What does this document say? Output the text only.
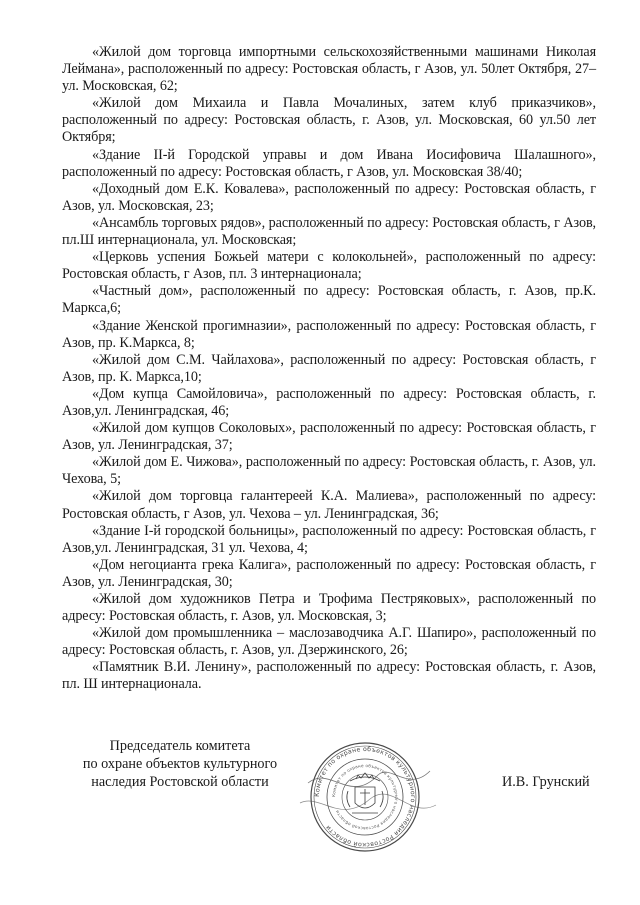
«Жилой дом торговца импортными сельскохозяйственными машинами Николая Леймана», расположенный по адресу: Ростовская область, г Азов, ул. 50лет Октября, 27– ул. Московская, 62;

«Жилой дом Михаила и Павла Мочалиных, затем клуб приказчиков», расположенный по адресу: Ростовская область, г. Азов, ул. Московская, 60 ул.50 лет Октября;

«Здание II-й Городской управы и дом Ивана Иосифовича Шалашного», расположенный по адресу: Ростовская область, г Азов, ул. Московская 38/40;

«Доходный дом Е.К. Ковалева», расположенный по адресу: Ростовская область, г Азов, ул. Московская, 23;

«Ансамбль торговых рядов», расположенный по адресу: Ростовская область, г Азов, пл.Ш интернационала, ул. Московская;

«Церковь успения Божьей матери с колокольней», расположенный по адресу: Ростовская область, г Азов, пл. 3 интернационала;

«Частный дом», расположенный по адресу: Ростовская область, г. Азов, пр.К. Маркса,6;

«Здание Женской прогимназии», расположенный по адресу: Ростовская область, г Азов, пр. К.Маркса, 8;

«Жилой дом С.М. Чайлахова», расположенный по адресу: Ростовская область, г Азов, пр. К. Маркса,10;

«Дом купца Самойловича», расположенный по адресу: Ростовская область, г. Азов,ул. Ленинградская, 46;

«Жилой дом купцов Соколовых», расположенный по адресу: Ростовская область, г Азов, ул. Ленинградская, 37;

«Жилой дом Е. Чижова», расположенный по адресу: Ростовская область, г. Азов, ул. Чехова, 5;

«Жилой дом торговца галантереей К.А. Малиева», расположенный по адресу: Ростовская область, г Азов, ул. Чехова – ул. Ленинградская, 36;

«Здание I-й городской больницы», расположенный по адресу: Ростовская область, г Азов,ул. Ленинградская, 31 ул. Чехова, 4;

«Дом негоцианта грека Калига», расположенный по адресу: Ростовская область, г Азов, ул. Ленинградская, 30;

«Жилой дом художников Петра и Трофима Пестряковых», расположенный по адресу: Ростовская область, г. Азов, ул. Московская, 3;

«Жилой дом промышленника – маслозаводчика А.Г. Шапиро», расположенный по адресу: Ростовская область, г. Азов, ул. Дзержинского, 26;

«Памятник В.И. Ленину», расположенный по адресу: Ростовская область, г. Азов, пл. Ш интернационала.

Председатель комитета
по охране объектов культурного
наследия Ростовской области
Комитет по охране объектов культурного наследия Ростовской области
Комитет по охране объектов культурного наследия Ростовской области
И.В. Грунский
